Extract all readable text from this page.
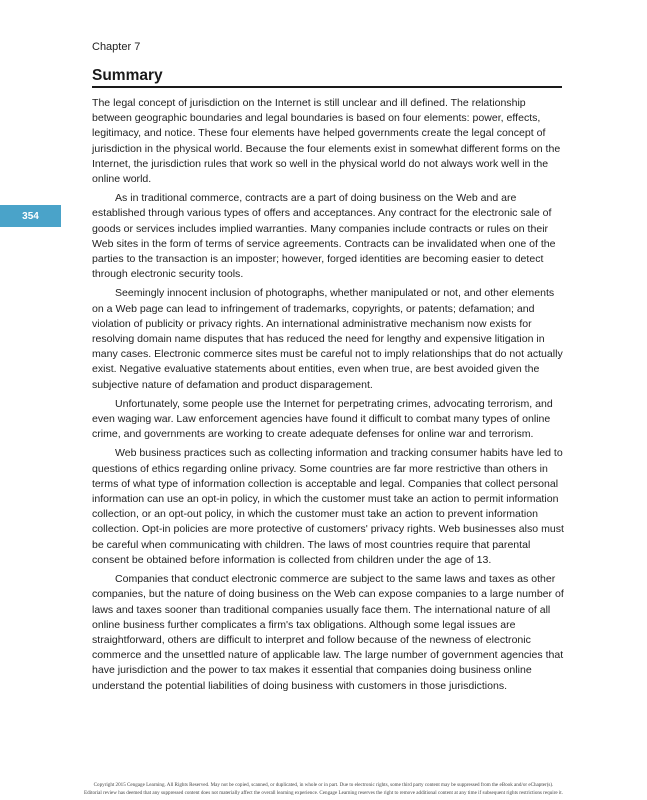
Chapter 7
Summary
354

The legal concept of jurisdiction on the Internet is still unclear and ill defined. The relationship between geographic boundaries and legal boundaries is based on four elements: power, effects, legitimacy, and notice. These four elements have helped governments create the legal concept of jurisdiction in the physical world. Because the four elements exist in somewhat different forms on the Internet, the jurisdiction rules that work so well in the physical world do not always work well in the online world.

As in traditional commerce, contracts are a part of doing business on the Web and are established through various types of offers and acceptances. Any contract for the electronic sale of goods or services includes implied warranties. Many companies include contracts or rules on their Web sites in the form of terms of service agreements. Contracts can be invalidated when one of the parties to the transaction is an imposter; however, forged identities are becoming easier to detect through electronic security tools.

Seemingly innocent inclusion of photographs, whether manipulated or not, and other elements on a Web page can lead to infringement of trademarks, copyrights, or patents; defamation; and violation of publicity or privacy rights. An international administrative mechanism now exists for resolving domain name disputes that has reduced the need for lengthy and expensive litigation in many cases. Electronic commerce sites must be careful not to imply relationships that do not actually exist. Negative evaluative statements about entities, even when true, are best avoided given the subjective nature of defamation and product disparagement.

Unfortunately, some people use the Internet for perpetrating crimes, advocating terrorism, and even waging war. Law enforcement agencies have found it difficult to combat many types of online crime, and governments are working to create adequate defenses for online war and terrorism.

Web business practices such as collecting information and tracking consumer habits have led to questions of ethics regarding online privacy. Some countries are far more restrictive than others in terms of what type of information collection is acceptable and legal. Companies that collect personal information can use an opt-in policy, in which the customer must take an action to permit information collection, or an opt-out policy, in which the customer must take an action to prevent information collection. Opt-in policies are more protective of customers' privacy rights. Web businesses also must be careful when communicating with children. The laws of most countries require that parental consent be obtained before information is collected from children under the age of 13.

Companies that conduct electronic commerce are subject to the same laws and taxes as other companies, but the nature of doing business on the Web can expose companies to a large number of laws and taxes sooner than traditional companies usually face them. The international nature of all online business further complicates a firm's tax obligations. Although some legal issues are straightforward, others are difficult to interpret and follow because of the newness of electronic commerce and the unsettled nature of applicable law. The large number of government agencies that have jurisdiction and the power to tax makes it essential that companies doing business online understand the potential liabilities of doing business with customers in those jurisdictions.

Copyright 2015 Cengage Learning. All Rights Reserved. May not be copied, scanned, or duplicated, in whole or in part. Due to electronic rights, some third party content may be suppressed from the eBook and/or eChapter(s).
Editorial review has deemed that any suppressed content does not materially affect the overall learning experience. Cengage Learning reserves the right to remove additional content at any time if subsequent rights restrictions require it.
